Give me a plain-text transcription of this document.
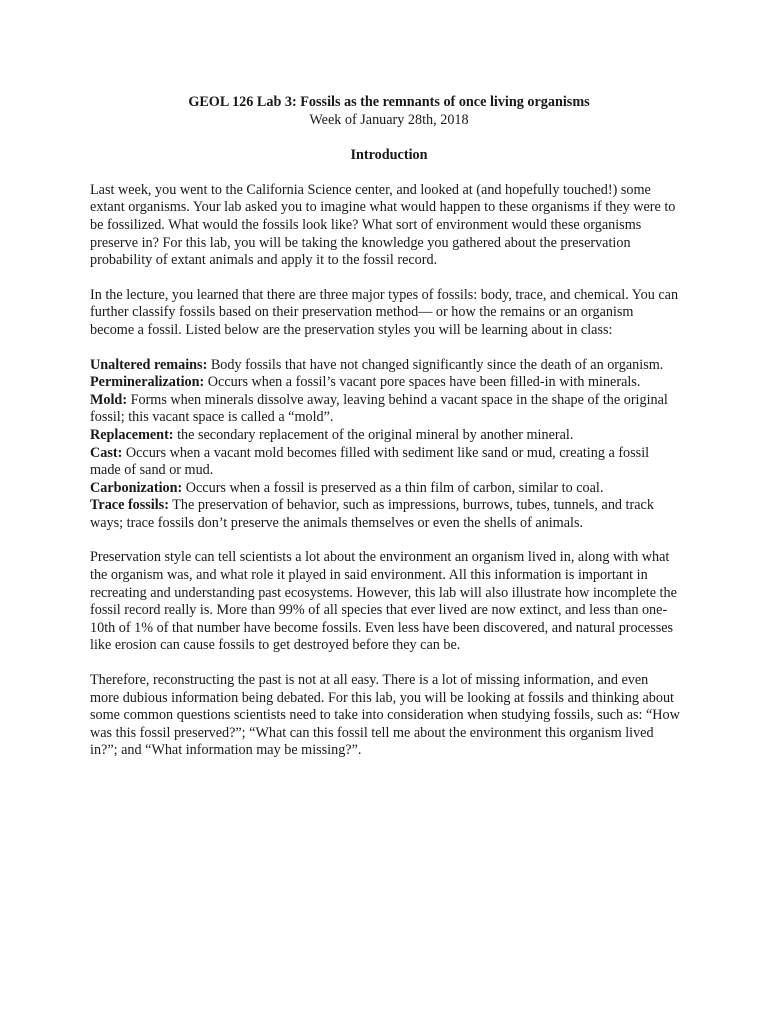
GEOL 126 Lab 3: Fossils as the remnants of once living organisms

Week of January 28th, 2018

Introduction

Last week, you went to the California Science center, and looked at (and hopefully touched!) some extant organisms. Your lab asked you to imagine what would happen to these organisms if they were to be fossilized. What would the fossils look like? What sort of environment would these organisms preserve in? For this lab, you will be taking the knowledge you gathered about the preservation probability of extant animals and apply it to the fossil record.

In the lecture, you learned that there are three major types of fossils: body, trace, and chemical. You can further classify fossils based on their preservation method— or how the remains or an organism become a fossil. Listed below are the preservation styles you will be learning about in class:

Unaltered remains: Body fossils that have not changed significantly since the death of an organism.

Permineralization: Occurs when a fossil’s vacant pore spaces have been filled-in with minerals.

Mold: Forms when minerals dissolve away, leaving behind a vacant space in the shape of the original fossil; this vacant space is called a “mold”.

Replacement: the secondary replacement of the original mineral by another mineral.

Cast: Occurs when a vacant mold becomes filled with sediment like sand or mud, creating a fossil made of sand or mud.

Carbonization: Occurs when a fossil is preserved as a thin film of carbon, similar to coal.

Trace fossils: The preservation of behavior, such as impressions, burrows, tubes, tunnels, and track ways; trace fossils don’t preserve the animals themselves or even the shells of animals.

Preservation style can tell scientists a lot about the environment an organism lived in, along with what the organism was, and what role it played in said environment. All this information is important in recreating and understanding past ecosystems. However, this lab will also illustrate how incomplete the fossil record really is. More than 99% of all species that ever lived are now extinct, and less than one-10th of 1% of that number have become fossils. Even less have been discovered, and natural processes like erosion can cause fossils to get destroyed before they can be.

Therefore, reconstructing the past is not at all easy. There is a lot of missing information, and even more dubious information being debated. For this lab, you will be looking at fossils and thinking about some common questions scientists need to take into consideration when studying fossils, such as: “How was this fossil preserved?”; “What can this fossil tell me about the environment this organism lived in?”; and “What information may be missing?”.
